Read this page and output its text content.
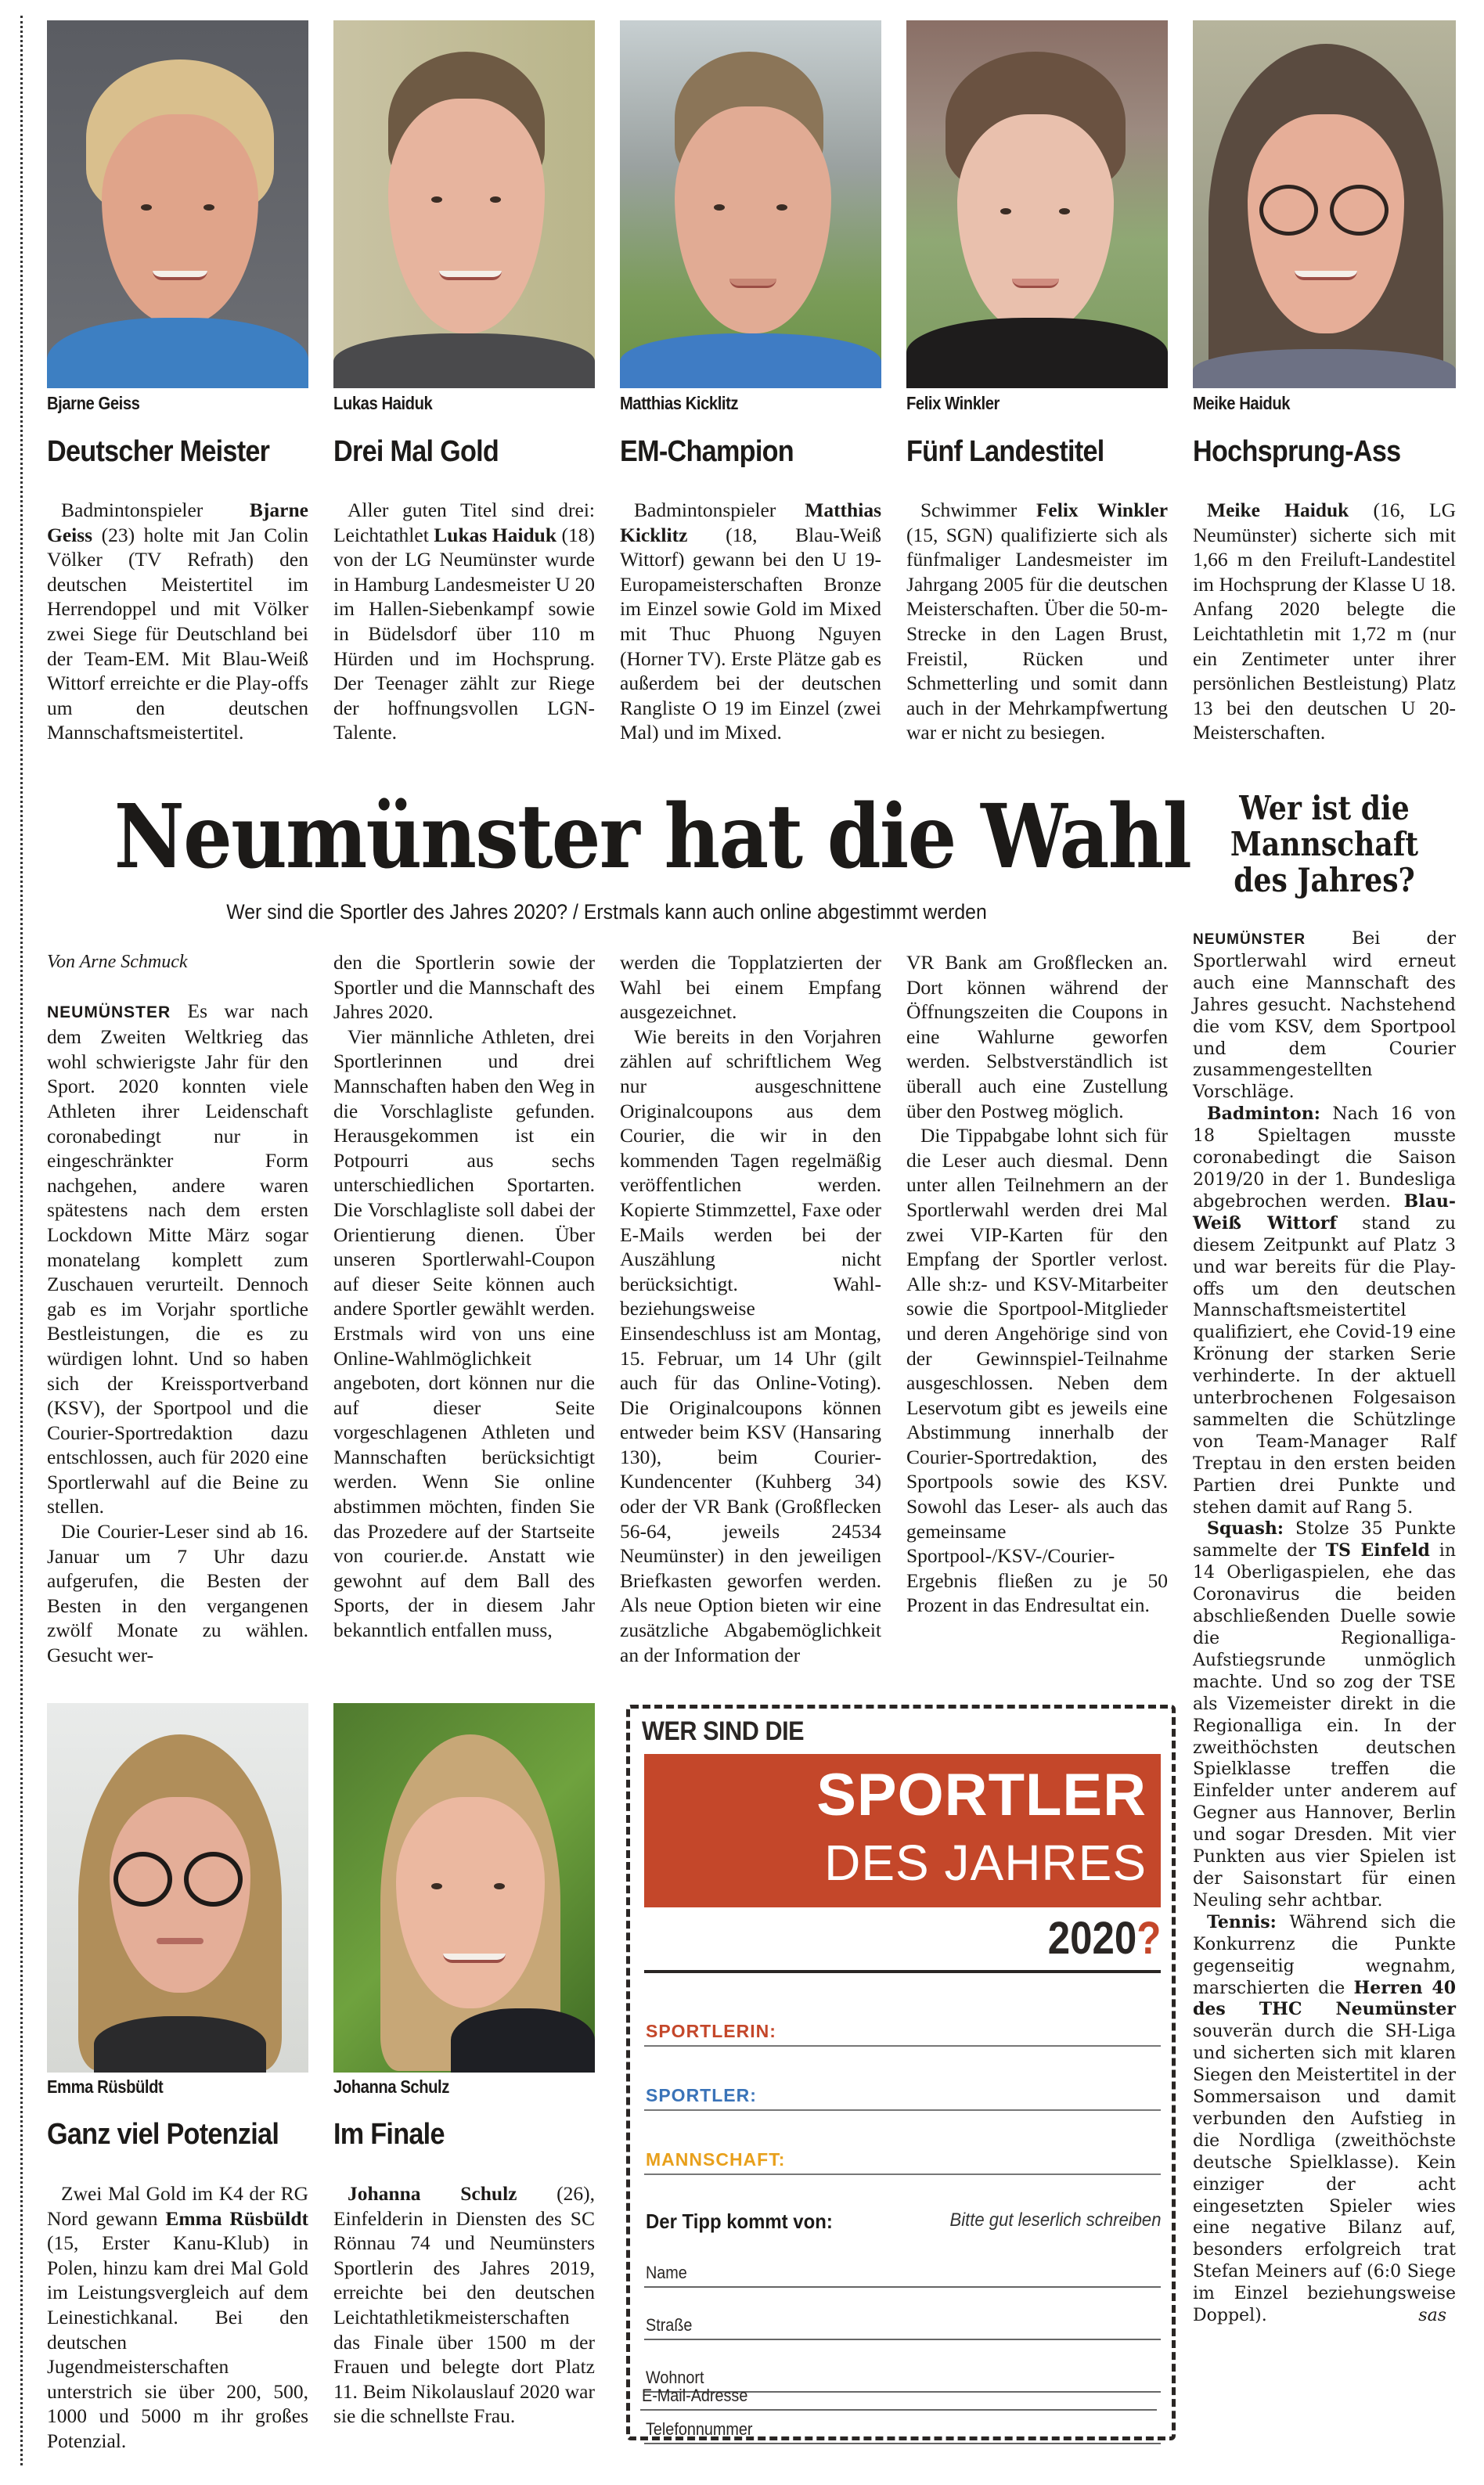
Bjarne Geiss
Deutscher Meister

Badmintonspieler Bjarne Geiss (23) holte mit Jan Colin Völker (TV Refrath) den deutschen Meistertitel im Herrendoppel und mit Völker zwei Siege für Deutschland bei der Team-EM. Mit Blau-Weiß Wittorf erreichte er die Play-offs um den deutschen Mannschaftsmeistertitel.

Lukas Haiduk
Drei Mal Gold

Aller guten Titel sind drei: Leichtathlet Lukas Haiduk (18) von der LG Neumünster wurde in Hamburg Landesmeister U 20 im Hallen-Siebenkampf sowie in Büdelsdorf über 110 m Hürden und im Hochsprung. Der Teenager zählt zur Riege der hoffnungsvollen LGN-Talente.

Matthias Kicklitz
EM-Champion

Badmintonspieler Matthias Kicklitz (18, Blau-Weiß Wittorf) gewann bei den U 19-Europameisterschaften Bronze im Einzel sowie Gold im Mixed mit Thuc Phuong Nguyen (Horner TV). Erste Plätze gab es außerdem bei der deutschen Rangliste O 19 im Einzel (zwei Mal) und im Mixed.

Felix Winkler
Fünf Landestitel

Schwimmer Felix Winkler (15, SGN) qualifizierte sich als fünfmaliger Landesmeister im Jahrgang 2005 für die deutschen Meisterschaften. Über die 50-m-Strecke in den Lagen Brust, Freistil, Rücken und Schmetterling und somit dann auch in der Mehrkampfwertung war er nicht zu besiegen.

Meike Haiduk
Hochsprung-Ass

Meike Haiduk (16, LG Neumünster) sicherte sich mit 1,66 m den Freiluft-Landestitel im Hochsprung der Klasse U 18. Anfang 2020 belegte die Leichtathletin mit 1,72 m (nur ein Zentimeter unter ihrer persönlichen Bestleistung) Platz 13 bei den deutschen U 20-Meisterschaften.

Neumünster hat die Wahl
Wer sind die Sportler des Jahres 2020? / Erstmals kann auch online abgestimmt werden

Von Arne Schmuck

NEUMÜNSTER Es war nach dem Zweiten Weltkrieg das wohl schwierigste Jahr für den Sport. 2020 konnten viele Athleten ihrer Leidenschaft coronabedingt nur in eingeschränkter Form nachgehen, andere waren spätestens nach dem ersten Lockdown Mitte März sogar monatelang komplett zum Zuschauen verurteilt. Dennoch gab es im Vorjahr sportliche Bestleistungen, die es zu würdigen lohnt. Und so haben sich der Kreissportverband (KSV), der Sportpool und die Courier-Sportredaktion dazu entschlossen, auch für 2020 eine Sportlerwahl auf die Beine zu stellen.

Die Courier-Leser sind ab 16. Januar um 7 Uhr dazu aufgerufen, die Besten der Besten in den vergangenen zwölf Monate zu wählen. Gesucht wer-

den die Sportlerin sowie der Sportler und die Mannschaft des Jahres 2020.

Vier männliche Athleten, drei Sportlerinnen und drei Mannschaften haben den Weg in die Vorschlagliste gefunden. Herausgekommen ist ein Potpourri aus sechs unterschiedlichen Sportarten. Die Vorschlagliste soll dabei der Orientierung dienen. Über unseren Sportlerwahl-Coupon auf dieser Seite können auch andere Sportler gewählt werden. Erstmals wird von uns eine Online-Wahlmöglichkeit angeboten, dort können nur die auf dieser Seite vorgeschlagenen Athleten und Mannschaften berücksichtigt werden. Wenn Sie online abstimmen möchten, finden Sie das Prozedere auf der Startseite von courier.de. Anstatt wie gewohnt auf dem Ball des Sports, der in diesem Jahr bekanntlich entfallen muss,

werden die Topplatzierten der Wahl bei einem Empfang ausgezeichnet.

Wie bereits in den Vorjahren zählen auf schriftlichem Weg nur ausgeschnittene Originalcoupons aus dem Courier, die wir in den kommenden Tagen regelmäßig veröffentlichen werden. Kopierte Stimmzettel, Faxe oder E-Mails werden bei der Auszählung nicht berücksichtigt. Wahl- beziehungsweise Einsendeschluss ist am Montag, 15. Februar, um 14 Uhr (gilt auch für das Online-Voting). Die Originalcoupons können entweder beim KSV (Hansaring 130), beim Courier-Kundencenter (Kuhberg 34) oder der VR Bank (Großflecken 56-64, jeweils 24534 Neumünster) in den jeweiligen Briefkasten geworfen werden. Als neue Option bieten wir eine zusätzliche Abgabemöglichkeit an der Information der

VR Bank am Großflecken an. Dort können während der Öffnungszeiten die Coupons in eine Wahlurne geworfen werden. Selbstverständlich ist überall auch eine Zustellung über den Postweg möglich.

Die Tippabgabe lohnt sich für die Leser auch diesmal. Denn unter allen Teilnehmern an der Sportlerwahl werden drei Mal zwei VIP-Karten für den Empfang der Sportler verlost. Alle sh:z- und KSV-Mitarbeiter sowie die Sportpool-Mitglieder und deren Angehörige sind von der Gewinnspiel-Teilnahme ausgeschlossen. Neben dem Leservotum gibt es jeweils eine Abstimmung innerhalb der Courier-Sportredaktion, des Sportpools sowie des KSV. Sowohl das Leser- als auch das gemeinsame Sportpool-/KSV-/Courier-Ergebnis fließen zu je 50 Prozent in das Endresultat ein.

Wer ist die Mannschaft des Jahres?

NEUMÜNSTER	Bei der Sportlerwahl wird erneut auch eine Mannschaft des Jahres gesucht. Nachstehend die vom KSV, dem Sportpool und dem Courier zusammengestellten Vorschläge.

Badminton: Nach 16 von 18 Spieltagen musste coronabedingt die Saison 2019/20 in der 1. Bundesliga abgebrochen werden. Blau-Weiß Wittorf stand zu diesem Zeitpunkt auf Platz 3 und war bereits für die Play-offs um den deutschen Mannschaftsmeistertitel qualifiziert, ehe Covid-19 eine Krönung der starken Serie verhinderte. In der aktuell unterbrochenen Folgesaison sammelten die Schützlinge von Team-Manager Ralf Treptau in den ersten beiden Partien drei Punkte und stehen damit auf Rang 5.

Squash: Stolze 35 Punkte sammelte der TS Einfeld in 14 Oberligaspielen, ehe das Coronavirus die beiden abschließenden Duelle sowie die Regionalliga-Aufstiegsrunde unmöglich machte. Und so zog der TSE als Vizemeister direkt in die Regionalliga ein. In der zweithöchsten deutschen Spielklasse treffen die Einfelder unter anderem auf Gegner aus Hannover, Berlin und sogar Dresden. Mit vier Punkten aus vier Spielen ist der Saisonstart für einen Neuling sehr achtbar.

Tennis: Während sich die Konkurrenz die Punkte gegenseitig wegnahm, marschierten die Herren 40 des THC Neumünster souverän durch die SH-Liga und sicherten sich mit klaren Siegen den Meistertitel in der Sommersaison und damit verbunden den Aufstieg in die Nordliga (zweithöchste deutsche Spielklasse). Kein einziger der acht eingesetzten Spieler wies eine negative Bilanz auf, besonders erfolgreich trat Stefan Meiners auf (6:0 Siege im Einzel beziehungsweise Doppel).	sas

Emma Rüsbüldt
Ganz viel Potenzial

Zwei Mal Gold im K4 der RG Nord gewann Emma Rüsbüldt (15, Erster Kanu-Klub) in Polen, hinzu kam drei Mal Gold im Leistungsvergleich auf dem Leinestichkanal. Bei den deutschen Jugendmeisterschaften unterstrich sie über 200, 500, 1000 und 5000 m ihr großes Potenzial.

Johanna Schulz
Im Finale

Johanna Schulz (26), Einfelderin in Diensten des SC Rönnau 74 und Neumünsters Sportlerin des Jahres 2019, erreichte bei den deutschen Leichtathletikmeisterschaften das Finale über 1500 m der Frauen und belegte dort Platz 11. Beim Nikolauslauf 2020 war sie die schnellste Frau.

WER SIND DIE
SPORTLER
DES JAHRES
2020?
SPORTLERIN:
SPORTLER:
MANNSCHAFT:
Der Tipp kommt von:	Bitte gut leserlich schreiben
Name
Straße
Wohnort
Telefonnummer
E-Mail-Adresse
